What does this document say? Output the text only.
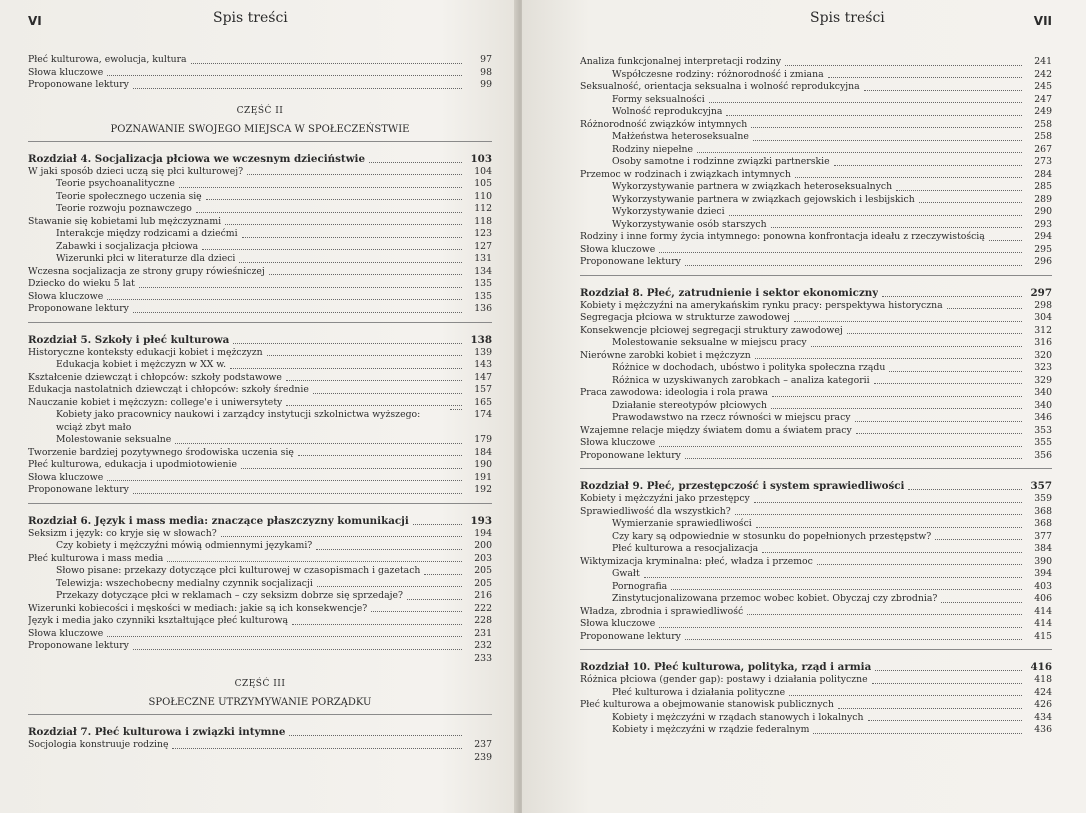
VI	Spis treści
Płeć kulturowa, ewolucja, kultura	97
Słowa kluczowe	98
Proponowane lektury	99
CZĘŚĆ II
POZNAWANIE SWOJEGO MIEJSCA W SPOŁECZEŃSTWIE
Rozdział 4. Socjalizacja płciowa we wczesnym dzieciństwie	103
W jaki sposób dzieci uczą się płci kulturowej?	104
Teorie psychoanalityczne	105
Teorie społecznego uczenia się	110
Teorie rozwoju poznawczego	112
Stawanie się kobietami lub mężczyznami	118
Interakcje między rodzicami a dziećmi	123
Zabawki i socjalizacja płciowa	127
Wizerunki płci w literaturze dla dzieci	131
Wczesna socjalizacja ze strony grupy rówieśniczej	134
Dziecko do wieku 5 lat	135
Słowa kluczowe	135
Proponowane lektury	136
Rozdział 5. Szkoły i płeć kulturowa	138
Historyczne konteksty edukacji kobiet i mężczyzn	139
Edukacja kobiet i mężczyzn w XX w.	143
Kształcenie dziewcząt i chłopców: szkoły podstawowe	147
Edukacja nastolatnich dziewcząt i chłopców: szkoły średnie	157
Nauczanie kobiet i mężczyzn: college'e i uniwersytety	165
Kobiety jako pracownicy naukowi i zarządcy instytucji szkolnictwa wyższego: wciąż zbyt mało
174
Molestowanie seksualne	179
Tworzenie bardziej pozytywnego środowiska uczenia się	184
Płeć kulturowa, edukacja i upodmiotowienie	190
Słowa kluczowe	191
Proponowane lektury	192
Rozdział 6. Język i mass media: znaczące płaszczyzny komunikacji	193
Seksizm i język: co kryje się w słowach?	194
Czy kobiety i mężczyźni mówią odmiennymi językami?	200
Płeć kulturowa i mass media	203
Słowo pisane: przekazy dotyczące płci kulturowej w czasopismach i gazetach	205
Telewizja: wszechobecny medialny czynnik socjalizacji	205
Przekazy dotyczące płci w reklamach – czy seksizm dobrze się sprzedaje?	216
Wizerunki kobiecości i męskości w mediach: jakie są ich konsekwencje?	222
Język i media jako czynniki kształtujące płeć kulturową	228
Słowa kluczowe	231
Proponowane lektury	232
233
CZĘŚĆ III
SPOŁECZNE UTRZYMYWANIE PORZĄDKU
Rozdział 7. Płeć kulturowa i związki intymne
Socjologia konstruuje rodzinę	237
239
Spis treści	VII
Analiza funkcjonalnej interpretacji rodziny	241
Współczesne rodziny: różnorodność i zmiana	242
Seksualność, orientacja seksualna i wolność reprodukcyjna	245
Formy seksualności	247
Wolność reprodukcyjna	249
Różnorodność związków intymnych	258
Małżeństwa heteroseksualne	258
Rodziny niepełne	267
Osoby samotne i rodzinne związki partnerskie	273
Przemoc w rodzinach i związkach intymnych	284
Wykorzystywanie partnera w związkach heteroseksualnych	285
Wykorzystywanie partnera w związkach gejowskich i lesbijskich	289
Wykorzystywanie dzieci	290
Wykorzystywanie osób starszych	293
Rodziny i inne formy życia intymnego: ponowna konfrontacja ideału z rzeczywistością	294
Słowa kluczowe	295
Proponowane lektury	296
Rozdział 8. Płeć, zatrudnienie i sektor ekonomiczny	297
Kobiety i mężczyźni na amerykańskim rynku pracy: perspektywa historyczna	298
Segregacja płciowa w strukturze zawodowej	304
Konsekwencje płciowej segregacji struktury zawodowej	312
Molestowanie seksualne w miejscu pracy	316
Nierówne zarobki kobiet i mężczyzn	320
Różnice w dochodach, ubóstwo i polityka społeczna rządu	323
Różnica w uzyskiwanych zarobkach – analiza kategorii	329
Praca zawodowa: ideologia i rola prawa	340
Działanie stereotypów płciowych	340
Prawodawstwo na rzecz równości w miejscu pracy	346
Wzajemne relacje między światem domu a światem pracy	353
Słowa kluczowe	355
Proponowane lektury	356
Rozdział 9. Płeć, przestępczość i system sprawiedliwości	357
Kobiety i mężczyźni jako przestępcy	359
Sprawiedliwość dla wszystkich?	368
Wymierzanie sprawiedliwości	368
Czy kary są odpowiednie w stosunku do popełnionych przestępstw?	377
Płeć kulturowa a resocjalizacja	384
Wiktymizacja kryminalna: płeć, władza i przemoc	390
Gwałt	394
Pornografia	403
Zinstytucjonalizowana przemoc wobec kobiet. Obyczaj czy zbrodnia?	406
Władza, zbrodnia i sprawiedliwość	414
Słowa kluczowe	414
Proponowane lektury	415
Rozdział 10. Płeć kulturowa, polityka, rząd i armia	416
Różnica płciowa (gender gap): postawy i działania polityczne	418
Płeć kulturowa i działania polityczne	424
Płeć kulturowa a obejmowanie stanowisk publicznych	426
Kobiety i mężczyźni w rządach stanowych i lokalnych	434
Kobiety i mężczyźni w rządzie federalnym	436
